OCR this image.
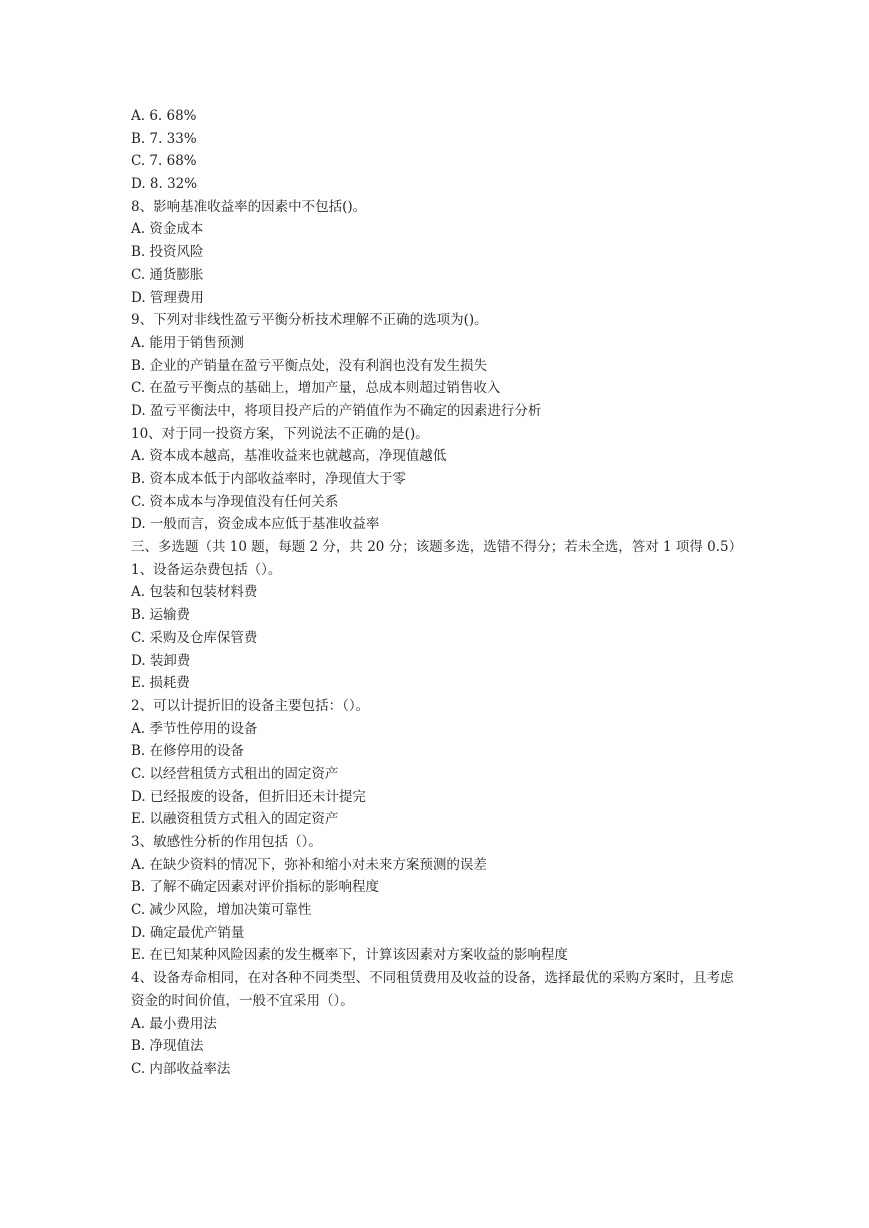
A. 6. 68%
B. 7. 33%
C. 7. 68%
D. 8. 32%
8、影响基准收益率的因素中不包括()。
A. 资金成本
B. 投资风险
C. 通货膨胀
D. 管理费用
9、下列对非线性盈亏平衡分析技术理解不正确的选项为()。
A. 能用于销售预测
B. 企业的产销量在盈亏平衡点处，没有利润也没有发生损失
C. 在盈亏平衡点的基础上，增加产量，总成本则超过销售收入
D. 盈亏平衡法中，将项目投产后的产销值作为不确定的因素进行分析
10、对于同一投资方案，下列说法不正确的是()。
A. 资本成本越高，基准收益来也就越高，净现值越低
B. 资本成本低于内部收益率时，净现值大于零
C. 资本成本与净现值没有任何关系
D. 一般而言，资金成本应低于基准收益率
三、多选题（共 10 题，每题 2 分，共 20 分；该题多选，选错不得分；若未全选，答对 1 项得 0.5）
1、设备运杂费包括（）。
A. 包装和包装材料费
B. 运输费
C. 采购及仓库保管费
D. 装卸费
E. 损耗费
2、可以计提折旧的设备主要包括：（）。
A. 季节性停用的设备
B. 在修停用的设备
C. 以经营租赁方式租出的固定资产
D. 已经报废的设备，但折旧还未计提完
E. 以融资租赁方式租入的固定资产
3、敏感性分析的作用包括（）。
A. 在缺少资料的情况下，弥补和缩小对未来方案预测的误差
B. 了解不确定因素对评价指标的影响程度
C. 减少风险，增加决策可靠性
D. 确定最优产销量
E. 在已知某种风险因素的发生概率下，计算该因素对方案收益的影响程度
4、设备寿命相同，在对各种不同类型、不同租赁费用及收益的设备，选择最优的采购方案时，且考虑资金的时间价值，一般不宜采用（）。
A. 最小费用法
B. 净现值法
C. 内部收益率法
